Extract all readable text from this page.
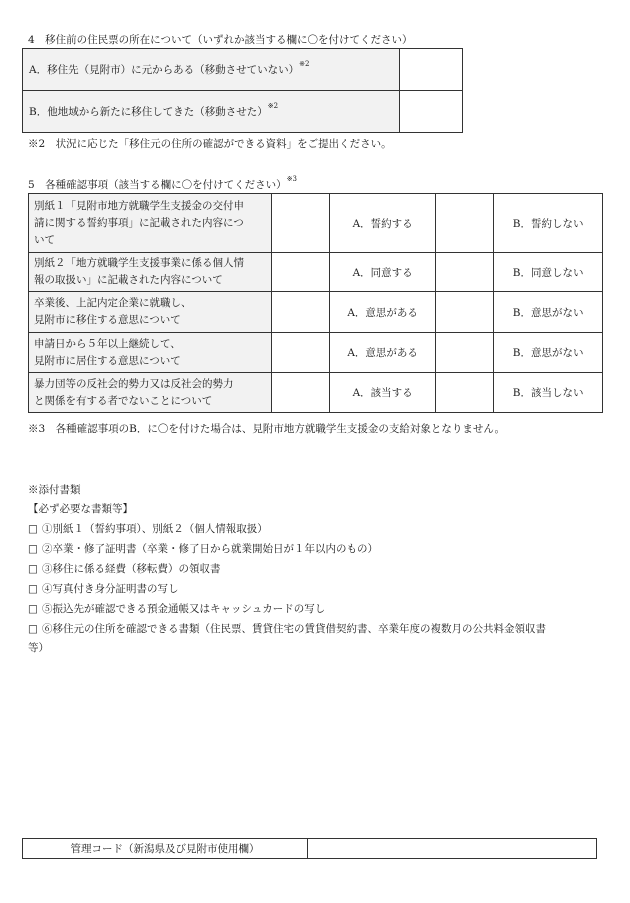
4　移住前の住民票の所在について（いずれか該当する欄に〇を付けてください）
A．移住先（見附市）に元からある（移動させていない）$^{※2}$	
B．他地域から新たに移住してきた（移動させた）$^{※2}$	
※2　状況に応じた「移住元の住所の確認ができる資料」をご提出ください。
5　各種確認事項（該当する欄に〇を付けてください）$^{※3}$
別紙１「見附市地方就職学生支援金の交付申
請に関する誓約事項」に記載された内容につ
いて		A．誓約する		B．誓約しない

別紙２「地方就職学生支援事業に係る個人情
報の取扱い」に記載された内容について		A．同意する		B．同意しない

卒業後、上記内定企業に就職し、
見附市に移住する意思について		A．意思がある		B．意思がない

申請日から５年以上継続して、
見附市に居住する意思について		A．意思がある		B．意思がない

暴力団等の反社会的勢力又は反社会的勢力
と関係を有する者でないことについて		A．該当する		B．該当しない
※3　各種確認事項のB．に〇を付けた場合は、見附市地方就職学生支援金の支給対象となりません。
※添付書類
【必ず必要な書類等】
□ ①別紙１（誓約事項）、別紙２（個人情報取扱）
□ ②卒業・修了証明書（卒業・修了日から就業開始日が１年以内のもの）
□ ③移住に係る経費（移転費）の領収書
□ ④写真付き身分証明書の写し
□ ⑤振込先が確認できる預金通帳又はキャッシュカードの写し
□ ⑥移住元の住所を確認できる書類（住民票、賃貸住宅の賃貸借契約書、卒業年度の複数月の公共料金領収書
等）
管理コード（新潟県及び見附市使用欄）	
